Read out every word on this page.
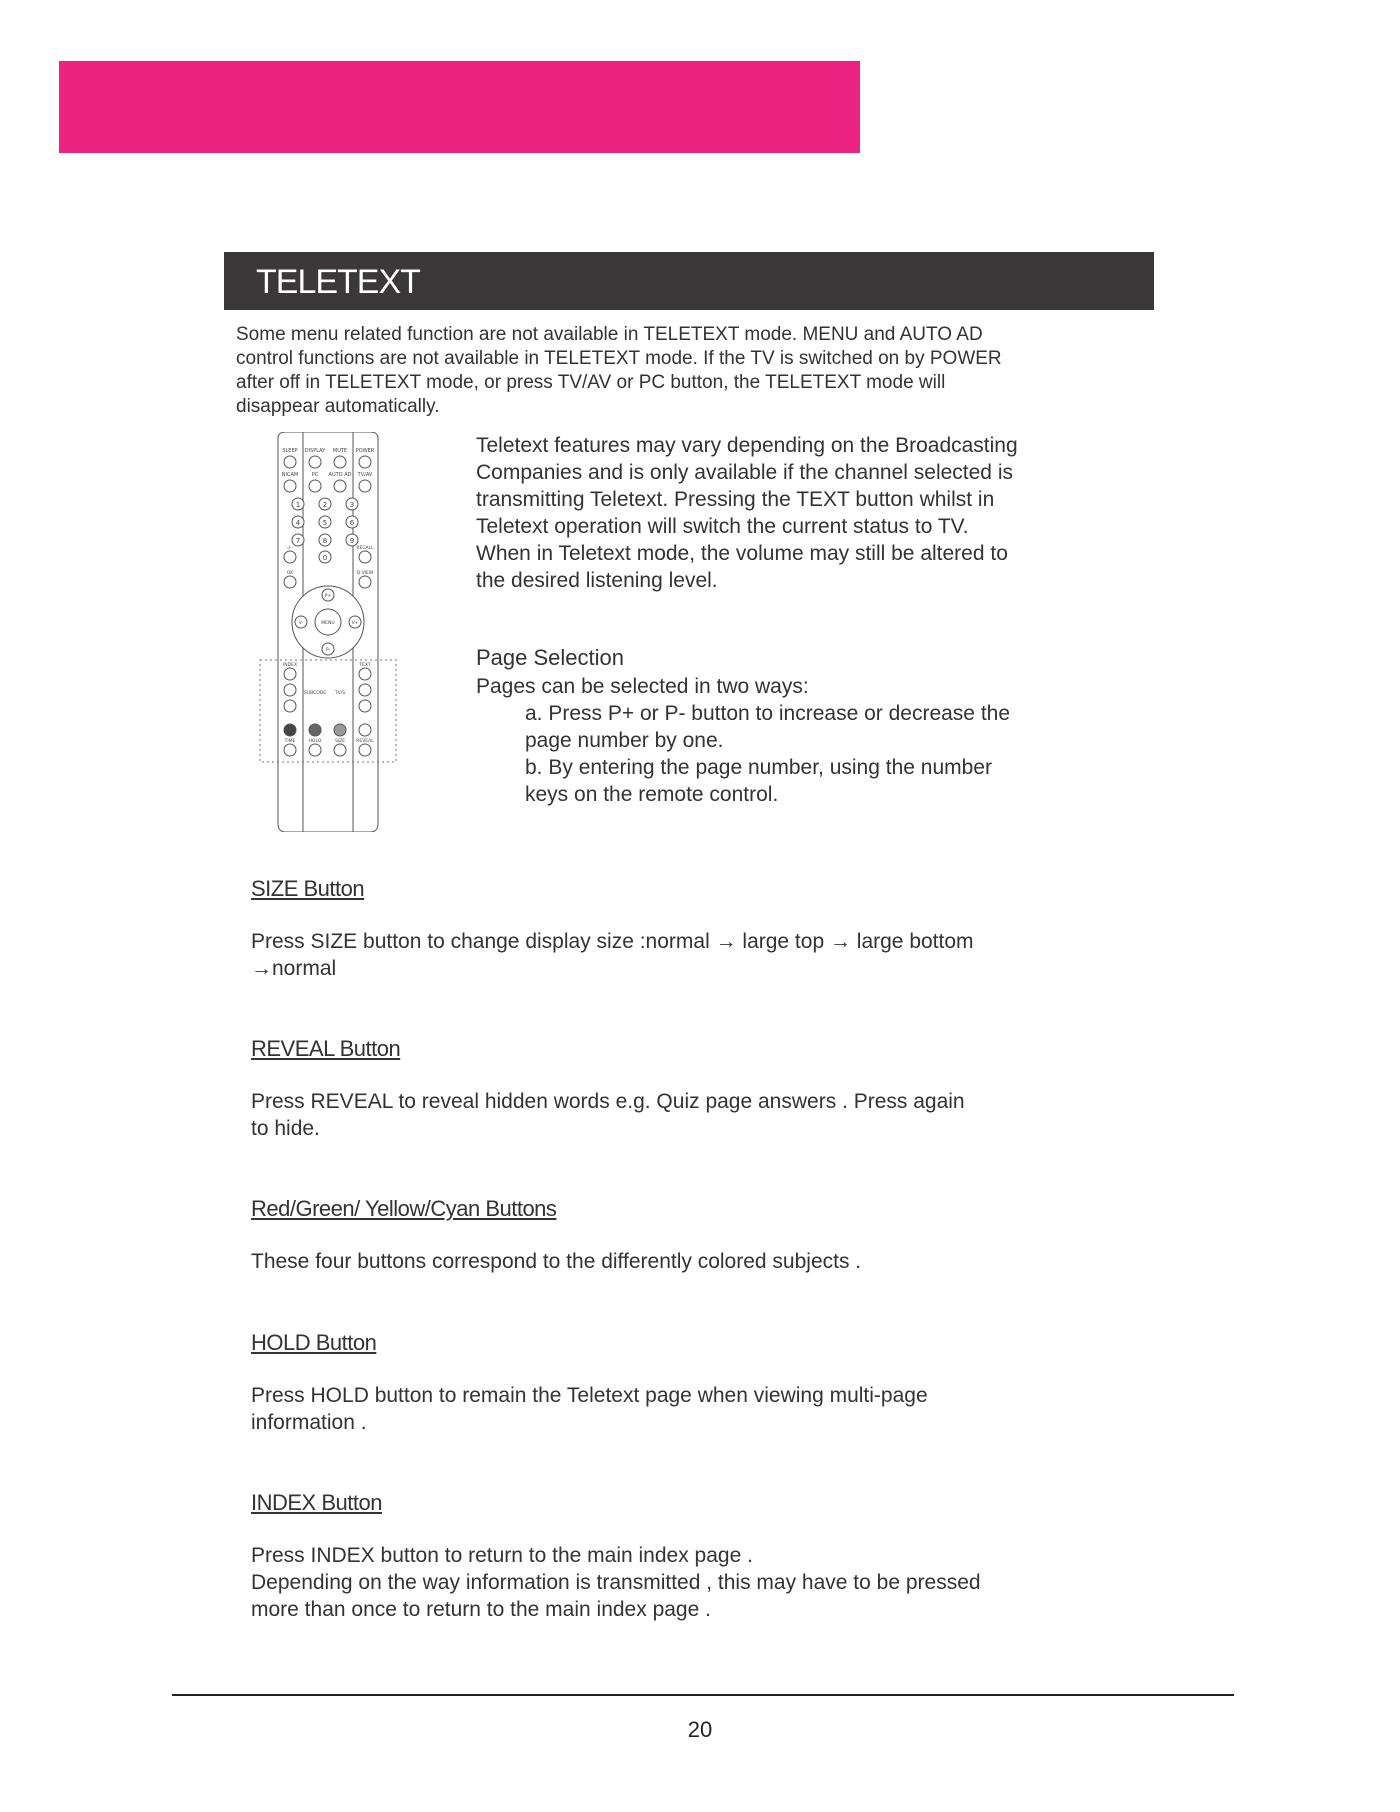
TELETEXT

Some menu related function are not available in TELETEXT mode. MENU and AUTO AD
control functions are not available in TELETEXT mode. If the TV is switched on by POWER
after off in TELETEXT mode, or press TV/AV or PC button, the TELETEXT mode will
disappear automatically.

SLEEP DISPLAY MUTE POWER
NICAM	PC AUTO AD TV/AV
1	2	3
4	5	6
7	8	9
0
-/--
OK
RECALL
Q.VIEW
MENU
P+
P-
V-	V+
INDEX	TEXT
SUBCODE TV/S
TIME	HOLD	SIZE REVEAL

Teletext features may vary depending on the Broadcasting
Companies and is only available if the channel selected is
transmitting Teletext. Pressing the TEXT button whilst in
Teletext operation will switch the current status to TV.
When in Teletext mode, the volume may still be altered to
the desired listening level.

Page Selection
Pages can be selected in two ways:
a. Press P+ or P- button to increase or decrease the
page number by one.
b. By entering the page number, using the number
keys on the remote control.
SIZE Button

Press SIZE button to change display size :normal → large top → large bottom
→normal

REVEAL Button

Press REVEAL to reveal hidden words e.g. Quiz page answers . Press again
to hide.

Red/Green/ Yellow/Cyan Buttons

These four buttons correspond to the differently colored subjects .

HOLD Button

Press HOLD button to remain the Teletext page when viewing multi-page
information .

INDEX Button

Press INDEX button to return to the main index page .
Depending on the way information is transmitted , this may have to be pressed
more than once to return to the main index page .

20
